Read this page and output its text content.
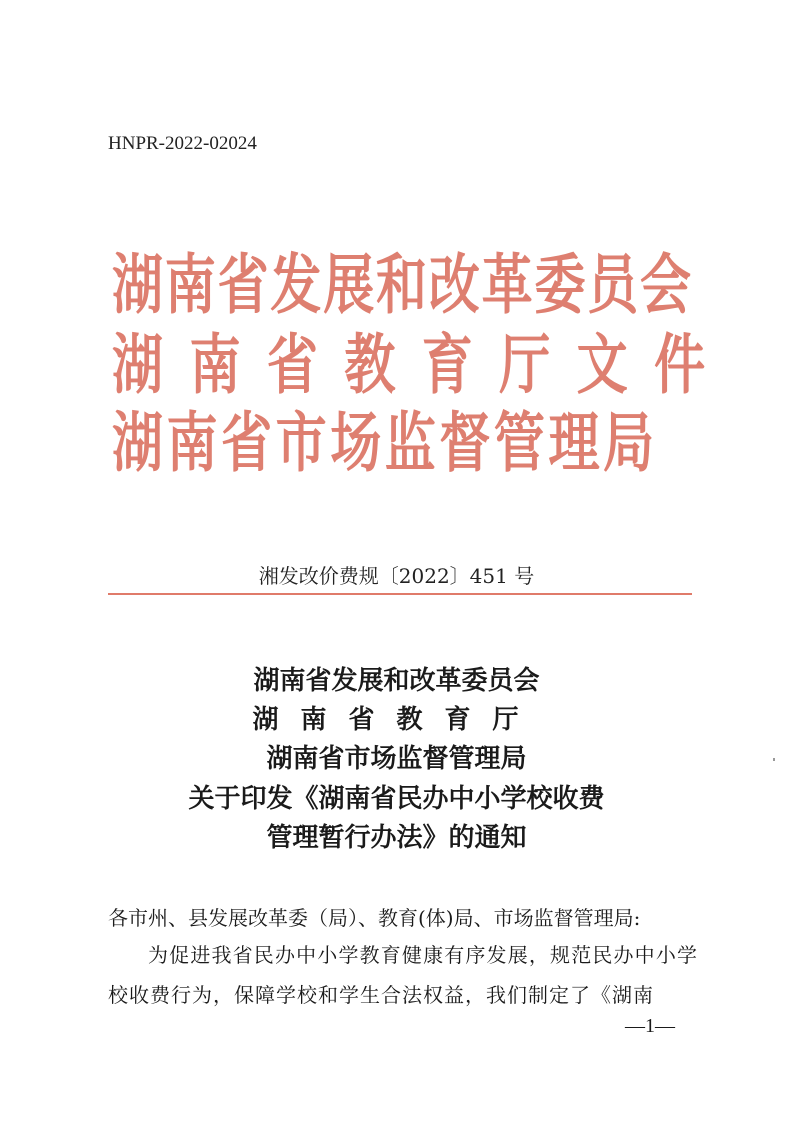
HNPR-2022-02024
湖南省发展和改革委员会
湖南省教育厅文件
湖南省市场监督管理局
湘发改价费规〔2022〕451 号
湖南省发展和改革委员会
湖南省教育厅
湖南省市场监督管理局
关于印发《湖南省民办中小学校收费
管理暂行办法》的通知
各市州、县发展改革委（局）、教育(体)局、市场监督管理局:
为促进我省民办中小学教育健康有序发展，规范民办中小学校收费行为，保障学校和学生合法权益，我们制定了《湖南
—1—
